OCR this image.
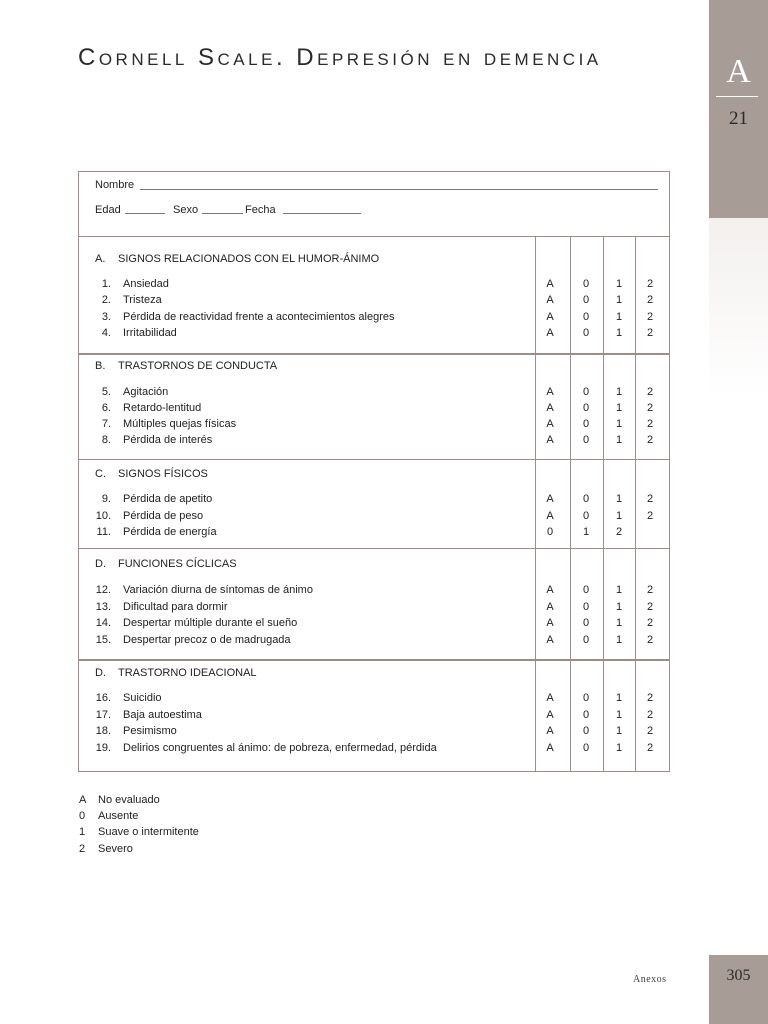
Cornell Scale. Depresión en demencia	A
21
Nombre
Edad	Sexo	Fecha
A. SIGNOS RELACIONADOS CON EL HUMOR-ÁNIMO
1. Ansiedad	A	0	1	2
2. Tristeza	A	0	1	2
3. Pérdida de reactividad frente a acontecimientos alegres	A	0	1	2
4. Irritabilidad	A	0	1	2
B. TRASTORNOS DE CONDUCTA
5. Agitación	A	0	1	2
6. Retardo-lentitud	A	0	1	2
7. Múltiples quejas físicas	A	0	1	2
8. Pérdida de interés	A	0	1	2
C. SIGNOS FÍSICOS
9. Pérdida de apetito	A	0	1	2
10. Pérdida de peso	A	0	1	2
11. Pérdida de energía	0	1	2
D. FUNCIONES CÍCLICAS
12. Variación diurna de síntomas de ánimo	A	0	1	2
13. Dificultad para dormir	A	0	1	2
14. Despertar múltiple durante el sueño	A	0	1	2
15. Despertar precoz o de madrugada	A	0	1	2
D. TRASTORNO IDEACIONAL
16. Suicidio	A	0	1	2
17. Baja autoestima	A	0	1	2
18. Pesimismo	A	0	1	2
19. Delirios congruentes al ánimo: de pobreza, enfermedad, pérdida	A	0	1	2
A No evaluado
0 Ausente
1 Suave o intermitente
2 Severo
Anexos	305
